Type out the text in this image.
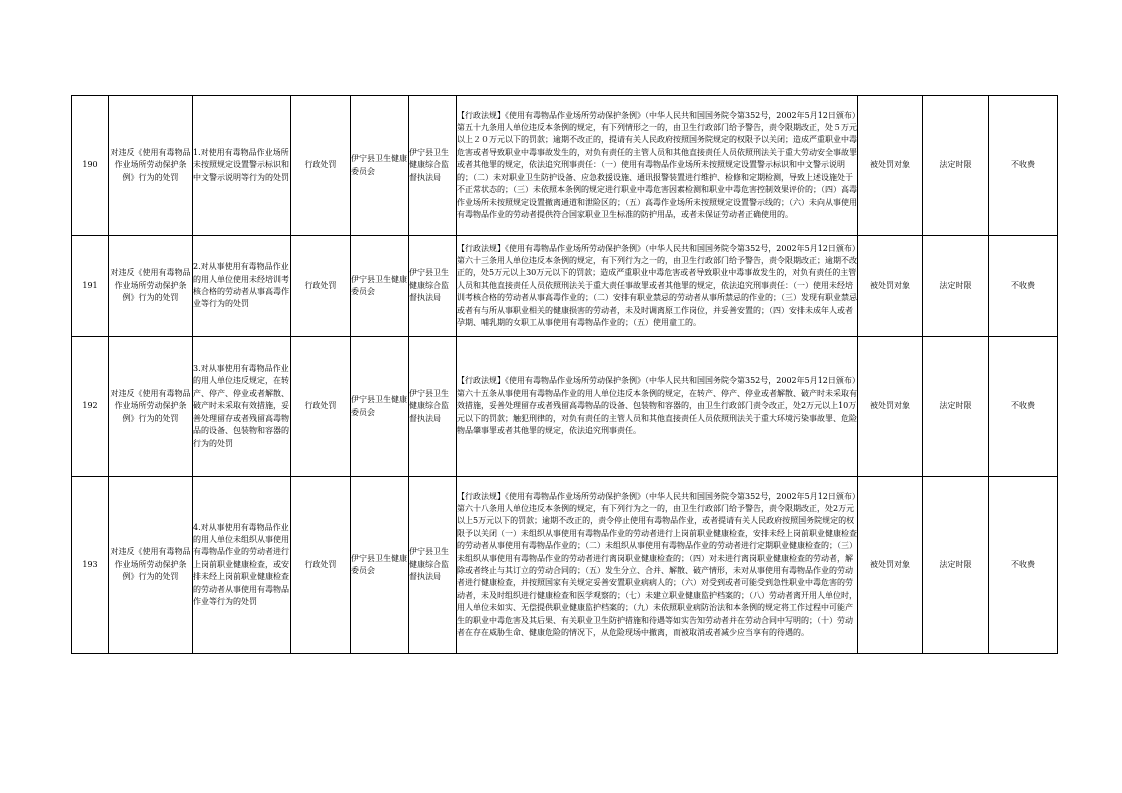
190	对违反《使用有毒物品作业场所劳动保护条例》行为的处罚	1.对使用有毒物品作业场所未按照规定设置警示标识和中文警示说明等行为的处罚	行政处罚	伊宁县卫生健康委员会	伊宁县卫生健康综合监督执法局	【行政法规】《使用有毒物品作业场所劳动保护条例》（中华人民共和国国务院令第352号，2002年5月12日颁布）第五十九条用人单位违反本条例的规定，有下列情形之一的，由卫生行政部门给予警告，责令限期改正，处５万元以上２０万元以下的罚款；逾期不改正的，提请有关人民政府按照国务院规定的权限予以关闭；造成严重职业中毒危害或者导致职业中毒事故发生的，对负有责任的主管人员和其他直接责任人员依照刑法关于重大劳动安全事故罪或者其他罪的规定，依法追究刑事责任：（一）使用有毒物品作业场所未按照规定设置警示标识和中文警示说明的；（二）未对职业卫生防护设备、应急救援设施、通讯报警装置进行维护、检修和定期检测，导致上述设施处于不正常状态的；（三）未依照本条例的规定进行职业中毒危害因素检测和职业中毒危害控制效果评价的；（四）高毒作业场所未按照规定设置撤离通道和泄险区的；（五）高毒作业场所未按照规定设置警示线的；（六）未向从事使用有毒物品作业的劳动者提供符合国家职业卫生标准的防护用品，或者未保证劳动者正确使用的。	被处罚对象	法定时限	不收费
191	对违反《使用有毒物品作业场所劳动保护条例》行为的处罚	2.对从事使用有毒物品作业的用人单位使用未经培训考核合格的劳动者从事高毒作业等行为的处罚	行政处罚	伊宁县卫生健康委员会	伊宁县卫生健康综合监督执法局	【行政法规】《使用有毒物品作业场所劳动保护条例》（中华人民共和国国务院令第352号，2002年5月12日颁布）第六十三条用人单位违反本条例的规定，有下列行为之一的，由卫生行政部门给予警告，责令限期改正；逾期不改正的，处5万元以上30万元以下的罚款；造成严重职业中毒危害或者导致职业中毒事故发生的，对负有责任的主管人员和其他直接责任人员依照刑法关于重大责任事故罪或者其他罪的规定，依法追究刑事责任：（一）使用未经培训考核合格的劳动者从事高毒作业的；（二）安排有职业禁忌的劳动者从事所禁忌的作业的；（三）发现有职业禁忌或者有与所从事职业相关的健康损害的劳动者，未及时调离原工作岗位，并妥善安置的；（四）安排未成年人或者孕期、哺乳期的女职工从事使用有毒物品作业的；（五）使用童工的。	被处罚对象	法定时限	不收费
192	对违反《使用有毒物品作业场所劳动保护条例》行为的处罚	3.对从事使用有毒物品作业的用人单位违反规定，在转产、停产、停业或者解散、破产时未采取有效措施，妥善处理留存或者残留高毒物品的设备、包装物和容器的行为的处罚	行政处罚	伊宁县卫生健康委员会	伊宁县卫生健康综合监督执法局	【行政法规】《使用有毒物品作业场所劳动保护条例》（中华人民共和国国务院令第352号，2002年5月12日颁布）第六十五条从事使用有毒物品作业的用人单位违反本条例的规定，在转产、停产、停业或者解散、破产时未采取有效措施，妥善处理留存或者残留高毒物品的设备、包装物和容器的，由卫生行政部门责令改正，处2万元以上10万元以下的罚款；触犯刑律的，对负有责任的主管人员和其他直接责任人员依照刑法关于重大环境污染事故罪、危险物品肇事罪或者其他罪的规定，依法追究刑事责任。	被处罚对象	法定时限	不收费
193	对违反《使用有毒物品作业场所劳动保护条例》行为的处罚	4.对从事使用有毒物品作业的用人单位未组织从事使用有毒物品作业的劳动者进行上岗前职业健康检查，或安排未经上岗前职业健康检查的劳动者从事使用有毒物品作业等行为的处罚	行政处罚	伊宁县卫生健康委员会	伊宁县卫生健康综合监督执法局	【行政法规】《使用有毒物品作业场所劳动保护条例》（中华人民共和国国务院令第352号，2002年5月12日颁布）第六十八条用人单位违反本条例的规定，有下列行为之一的，由卫生行政部门给予警告，责令限期改正，处2万元以上5万元以下的罚款；逾期不改正的，责令停止使用有毒物品作业，或者提请有关人民政府按照国务院规定的权限予以关闭（一）未组织从事使用有毒物品作业的劳动者进行上岗前职业健康检查，安排未经上岗前职业健康检查的劳动者从事使用有毒物品作业的；（二）未组织从事使用有毒物品作业的劳动者进行定期职业健康检查的；（三）未组织从事使用有毒物品作业的劳动者进行离岗职业健康检查的；（四）对未进行离岗职业健康检查的劳动者，解除或者终止与其订立的劳动合同的；（五）发生分立、合并、解散、破产情形，未对从事使用有毒物品作业的劳动者进行健康检查，并按照国家有关规定妥善安置职业病病人的；（六）对受到或者可能受到急性职业中毒危害的劳动者，未及时组织进行健康检查和医学观察的；（七）未建立职业健康监护档案的；（八）劳动者离开用人单位时，用人单位未如实、无偿提供职业健康监护档案的；（九）未依照职业病防治法和本条例的规定将工作过程中可能产生的职业中毒危害及其后果、有关职业卫生防护措施和待遇等如实告知劳动者并在劳动合同中写明的；（十）劳动者在存在威胁生命、健康危险的情况下，从危险现场中撤离，而被取消或者减少应当享有的待遇的。	被处罚对象	法定时限	不收费
